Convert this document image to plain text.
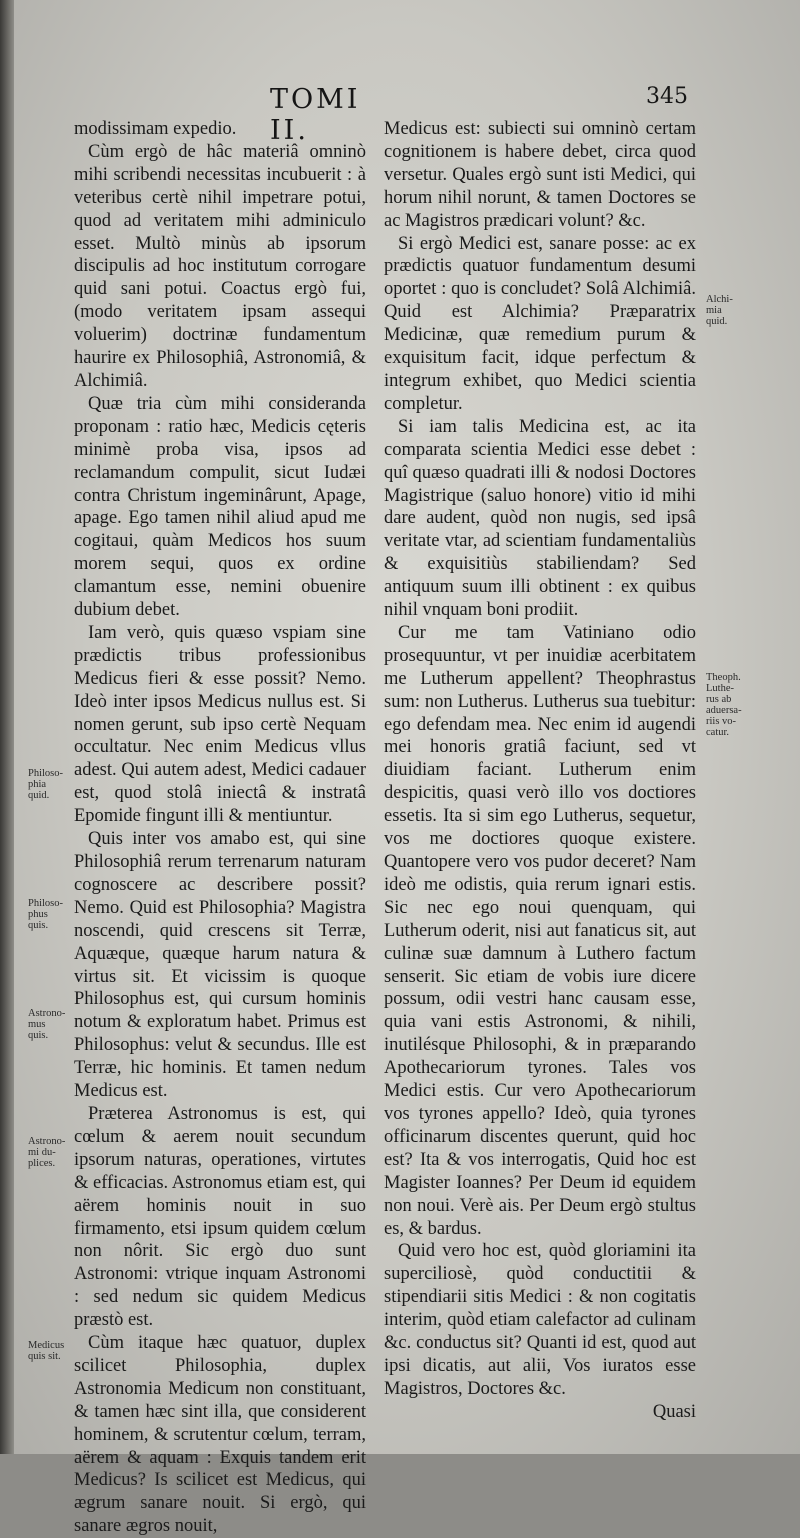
TOMI II.
345

modissimam expedio.

Cùm ergò de hâc materiâ omninò mihi scribendi necessitas incubuerit : à veteribus certè nihil impetrare potui, quod ad veritatem mihi adminiculo esset. Multò minùs ab ipsorum discipulis ad hoc institutum corrogare quid sani potui. Coactus ergò fui, (modo veritatem ipsam assequi voluerim) doctrinæ fundamentum haurire ex Philosophiâ, Astronomiâ, & Alchimiâ.

Quæ tria cùm mihi consideranda proponam : ratio hæc, Medicis cęteris minimè proba visa, ipsos ad reclamandum compulit, sicut Iudæi contra Christum ingeminârunt, Apage, apage. Ego tamen nihil aliud apud me cogitaui, quàm Medicos hos suum morem sequi, quos ex ordine clamantum esse, nemini obuenire dubium debet.

Iam verò, quis quæso vspiam sine prædictis tribus professionibus Medicus fieri & esse possit? Nemo. Ideò inter ipsos Medicus nullus est. Si nomen gerunt, sub ipso certè Nequam occultatur. Nec enim Medicus vllus adest. Qui autem adest, Medici cadauer est, quod stolâ iniectâ & instratâ Epomide fingunt illi & mentiuntur.

Quis inter vos amabo est, qui sine Philosophiâ rerum terrenarum naturam cognoscere ac describere possit? Nemo. Quid est Philosophia? Magistra noscendi, quid crescens sit Terræ, Aquæque, quæque harum natura & virtus sit. Et vicissim is quoque Philosophus est, qui cursum hominis notum & exploratum habet. Primus est Philosophus: velut & secundus. Ille est Terræ, hic hominis. Et tamen nedum Medicus est.

Præterea Astronomus is est, qui cœlum & aerem nouit secundum ipsorum naturas, operationes, virtutes & efficacias. Astronomus etiam est, qui aërem hominis nouit in suo firmamento, etsi ipsum quidem cœlum non nôrit. Sic ergò duo sunt Astronomi: vtrique inquam Astronomi : sed nedum sic quidem Medicus præstò est.

Cùm itaque hæc quatuor, duplex scilicet Philosophia, duplex Astronomia Medicum non constituant, & tamen hæc sint illa, que considerent hominem, & scrutentur cœlum, terram, aërem & aquam : Exquis tandem erit Medicus? Is scilicet est Medicus, qui ægrum sanare nouit. Si ergò, qui sanare ægros nouit,

Medicus est: subiecti sui omninò certam cognitionem is habere debet, circa quod versetur. Quales ergò sunt isti Medici, qui horum nihil norunt, & tamen Doctores se ac Magistros prædicari volunt? &c.

Si ergò Medici est, sanare posse: ac ex prædictis quatuor fundamentum desumi oportet : quo is concludet? Solâ Alchimiâ. Quid est Alchimia? Præparatrix Medicinæ, quæ remedium purum & exquisitum facit, idque perfectum & integrum exhibet, quo Medici scientia completur.

Si iam talis Medicina est, ac ita comparata scientia Medici esse debet : quî quæso quadrati illi & nodosi Doctores Magistrique (saluo honore) vitio id mihi dare audent, quòd non nugis, sed ipsâ veritate vtar, ad scientiam fundamentaliùs & exquisitiùs stabiliendam? Sed antiquum suum illi obtinent : ex quibus nihil vnquam boni prodiit.

Cur me tam Vatiniano odio prosequuntur, vt per inuidiæ acerbitatem me Lutherum appellent? Theophrastus sum: non Lutherus. Lutherus sua tuebitur: ego defendam mea. Nec enim id augendi mei honoris gratiâ faciunt, sed vt diuidiam faciant. Lutherum enim despicitis, quasi verò illo vos doctiores essetis. Ita si sim ego Lutherus, sequetur, vos me doctiores quoque existere. Quantopere vero vos pudor deceret? Nam ideò me odistis, quia rerum ignari estis. Sic nec ego noui quenquam, qui Lutherum oderit, nisi aut fanaticus sit, aut culinæ suæ damnum à Luthero factum senserit. Sic etiam de vobis iure dicere possum, odii vestri hanc causam esse, quia vani estis Astronomi, & nihili, inutilésque Philosophi, & in præparando Apothecariorum tyrones. Tales vos Medici estis. Cur vero Apothecariorum vos tyrones appello? Ideò, quia tyrones officinarum discentes querunt, quid hoc est? Ita & vos interrogatis, Quid hoc est Magister Ioannes? Per Deum id equidem non noui. Verè ais. Per Deum ergò stultus es, & bardus.

Quid vero hoc est, quòd gloriamini ita superciliosè, quòd conductitii & stipendiarii sitis Medici : & non cogitatis interim, quòd etiam calefactor ad culinam &c. conductus sit? Quanti id est, quod aut ipsi dicatis, aut alii, Vos iuratos esse Magistros, Doctores &c.

Quasi

Alchi-
mia
quid.
Theoph.
Luthe-
rus ab
aduersa-
riis vo-
catur.
Philoso-
phia
quid.
Philoso-
phus
quis.
Astrono-
mus
quis.
Astrono-
mi du-
plices.
Medicus
quis sit.
